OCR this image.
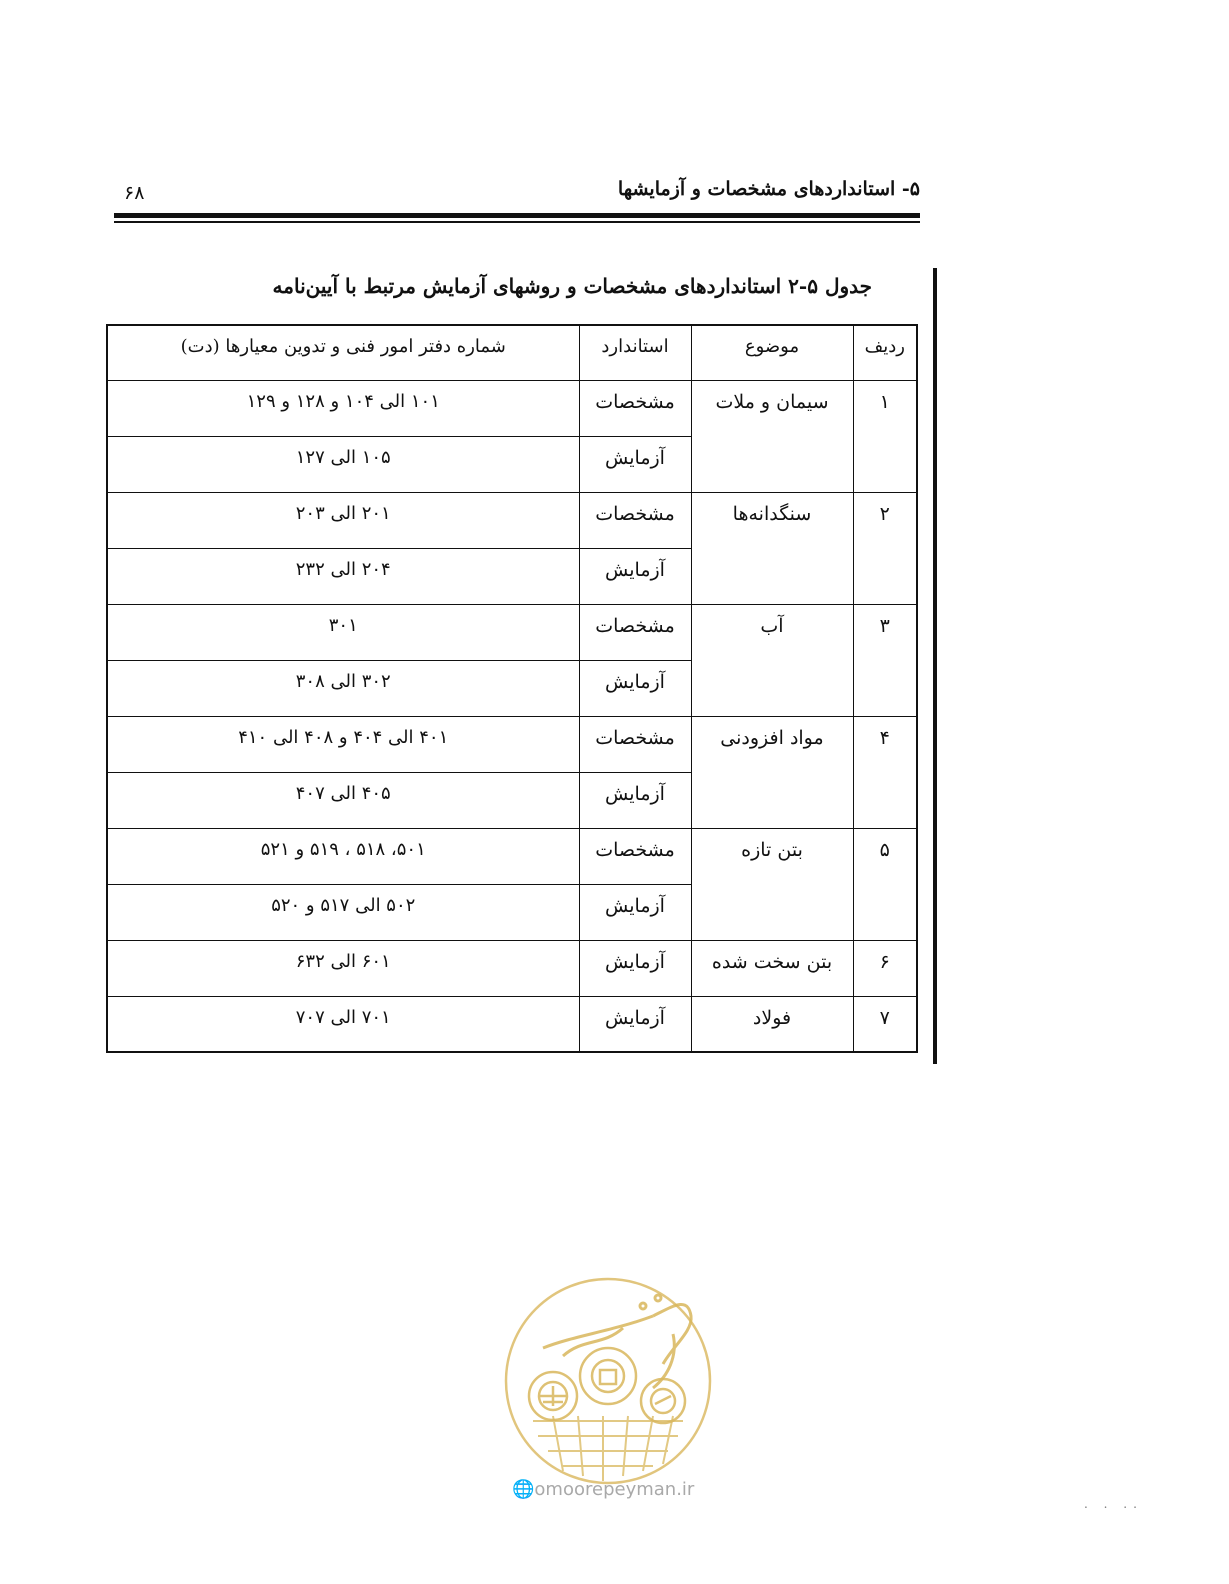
۵- استانداردهای مشخصات و آزمایشها
۶۸
جدول ۵-۲ استانداردهای مشخصات و روشهای آزمایش مرتبط با آیین‌نامه
ردیف	موضوع	استاندارد	شماره دفتر امور فنی و تدوین معیارها (دت)
۱	سیمان و ملات	مشخصات	۱۰۱ الی ۱۰۴ و ۱۲۸ و ۱۲۹
		آزمایش	۱۰۵ الی ۱۲۷
۲	سنگدانه‌ها	مشخصات	۲۰۱ الی ۲۰۳
		آزمایش	۲۰۴ الی ۲۳۲
۳	آب	مشخصات	۳۰۱
		آزمایش	۳۰۲ الی ۳۰۸
۴	مواد افزودنی	مشخصات	۴۰۱ الی ۴۰۴ و ۴۰۸ الی ۴۱۰
		آزمایش	۴۰۵ الی ۴۰۷
۵	بتن تازه	مشخصات	۵۰۱، ۵۱۸ ، ۵۱۹ و ۵۲۱
		آزمایش	۵۰۲ الی ۵۱۷ و ۵۲۰
۶	بتن سخت شده	آزمایش	۶۰۱ الی ۶۳۲
۷	فولاد	آزمایش	۷۰۱ الی ۷۰۷
🌐omoorepeyman.ir
. . ..
